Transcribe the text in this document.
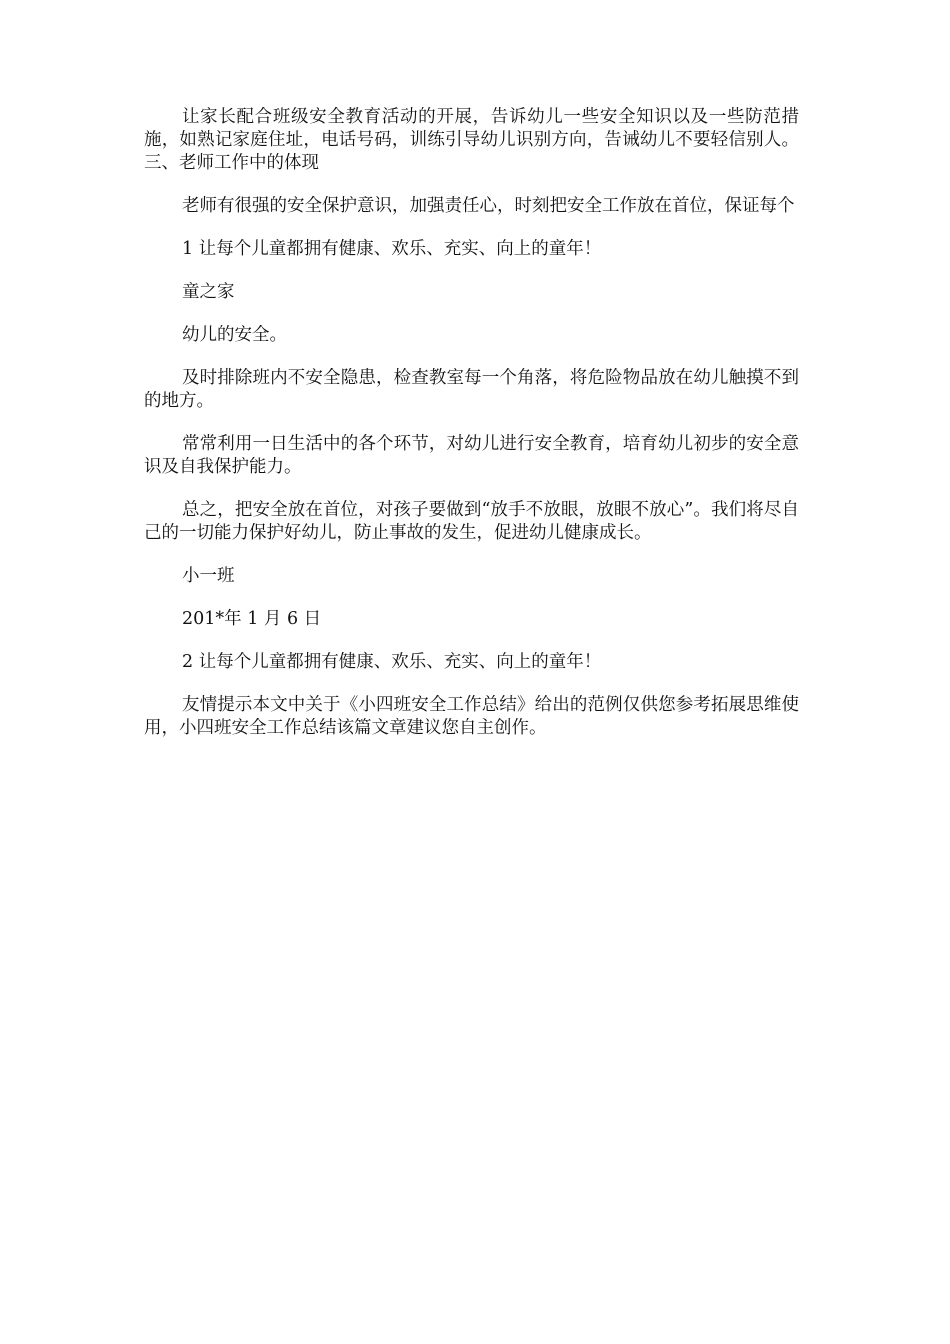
让家长配合班级安全教育活动的开展，告诉幼儿一些安全知识以及一些防范措施，如熟记家庭住址，电话号码，训练引导幼儿识别方向，告诫幼儿不要轻信别人。三、老师工作中的体现

老师有很强的安全保护意识，加强责任心，时刻把安全工作放在首位，保证每个

1 让每个儿童都拥有健康、欢乐、充实、向上的童年！

童之家

幼儿的安全。

及时排除班内不安全隐患，检查教室每一个角落，将危险物品放在幼儿触摸不到的地方。

常常利用一日生活中的各个环节，对幼儿进行安全教育，培育幼儿初步的安全意识及自我保护能力。

总之，把安全放在首位，对孩子要做到“放手不放眼，放眼不放心”。我们将尽自己的一切能力保护好幼儿，防止事故的发生，促进幼儿健康成长。

小一班

201*年 1 月 6 日

2 让每个儿童都拥有健康、欢乐、充实、向上的童年！

友情提示本文中关于《小四班安全工作总结》给出的范例仅供您参考拓展思维使用，小四班安全工作总结该篇文章建议您自主创作。
